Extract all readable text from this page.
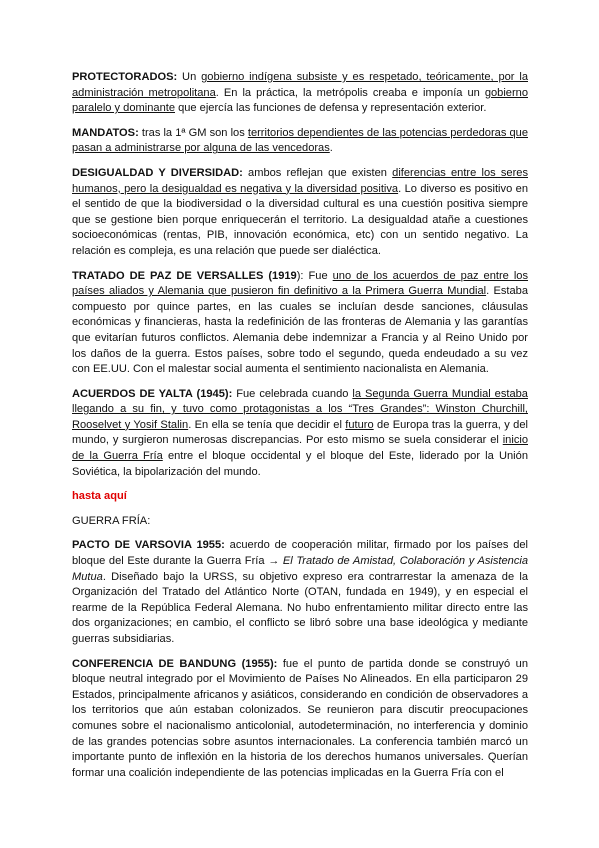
PROTECTORADOS: Un gobierno indígena subsiste y es respetado, teóricamente, por la administración metropolitana. En la práctica, la metrópolis creaba e imponía un gobierno paralelo y dominante que ejercía las funciones de defensa y representación exterior.

MANDATOS: tras la 1ª GM son los territorios dependientes de las potencias perdedoras que pasan a administrarse por alguna de las vencedoras.

DESIGUALDAD Y DIVERSIDAD: ambos reflejan que existen diferencias entre los seres humanos, pero la desigualdad es negativa y la diversidad positiva. Lo diverso es positivo en el sentido de que la biodiversidad o la diversidad cultural es una cuestión positiva siempre que se gestione bien porque enriquecerán el territorio. La desigualdad atañe a cuestiones socioeconómicas (rentas, PIB, innovación económica, etc) con un sentido negativo. La relación es compleja, es una relación que puede ser dialéctica.

TRATADO DE PAZ DE VERSALLES (1919): Fue uno de los acuerdos de paz entre los países aliados y Alemania que pusieron fin definitivo a la Primera Guerra Mundial. Estaba compuesto por quince partes, en las cuales se incluían desde sanciones, cláusulas económicas y financieras, hasta la redefinición de las fronteras de Alemania y las garantías que evitarían futuros conflictos. Alemania debe indemnizar a Francia y al Reino Unido por los daños de la guerra. Estos países, sobre todo el segundo, queda endeudado a su vez con EE.UU. Con el malestar social aumenta el sentimiento nacionalista en Alemania.

ACUERDOS DE YALTA (1945): Fue celebrada cuando la Segunda Guerra Mundial estaba llegando a su fin, y tuvo como protagonistas a los “Tres Grandes”: Winston Churchill, Rooselvet y Yosif Stalin. En ella se tenía que decidir el futuro de Europa tras la guerra, y del mundo, y surgieron numerosas discrepancias. Por esto mismo se suela considerar el inicio de la Guerra Fría entre el bloque occidental y el bloque del Este, liderado por la Unión Soviética, la bipolarización del mundo.

hasta aquí

GUERRA FRÍA:

PACTO DE VARSOVIA 1955: acuerdo de cooperación militar, firmado por los países del bloque del Este durante la Guerra Fría → El Tratado de Amistad, Colaboración y Asistencia Mutua. Diseñado bajo la URSS, su objetivo expreso era contrarrestar la amenaza de la Organización del Tratado del Atlántico Norte (OTAN, fundada en 1949), y en especial el rearme de la República Federal Alemana. No hubo enfrentamiento militar directo entre las dos organizaciones; en cambio, el conflicto se libró sobre una base ideológica y mediante guerras subsidiarias.

CONFERENCIA DE BANDUNG (1955): fue el punto de partida donde se construyó un bloque neutral integrado por el Movimiento de Países No Alineados. En ella participaron 29 Estados, principalmente africanos y asiáticos, considerando en condición de observadores a los territorios que aún estaban colonizados. Se reunieron para discutir preocupaciones comunes sobre el nacionalismo anticolonial, autodeterminación, no interferencia y dominio de las grandes potencias sobre asuntos internacionales. La conferencia también marcó un importante punto de inflexión en la historia de los derechos humanos universales. Querían formar una coalición independiente de las potencias implicadas en la Guerra Fría con el
